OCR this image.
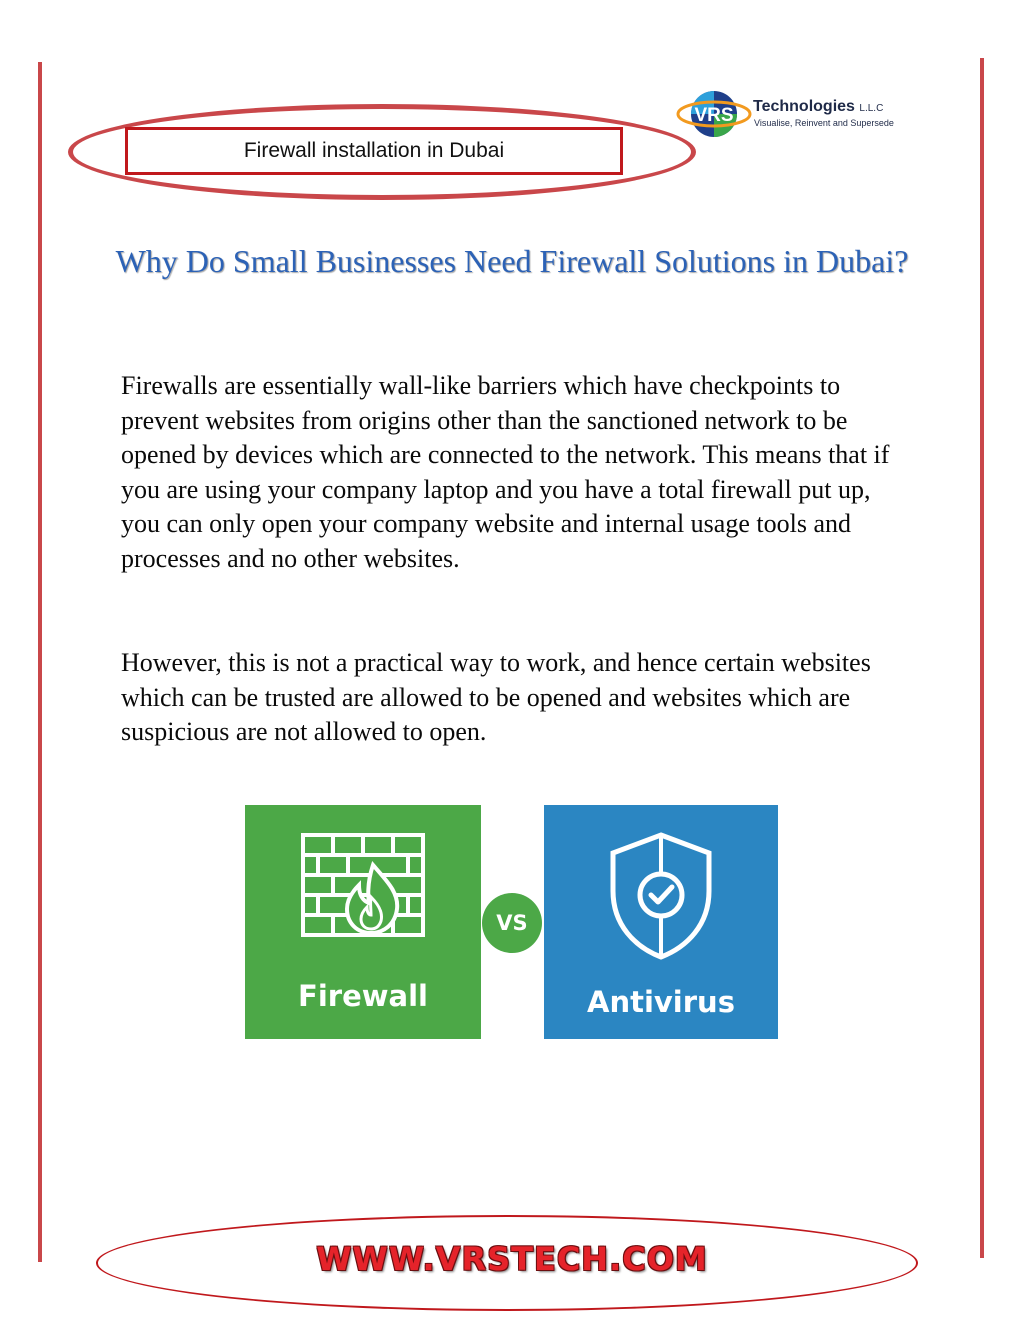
Firewall installation in Dubai
VRS Technologies L.L.C
Visualise, Reinvent and Supersede
Why Do Small Businesses Need Firewall Solutions in Dubai?

Firewalls are essentially wall-like barriers which have checkpoints to prevent websites from origins other than the sanctioned network to be opened by devices which are connected to the network. This means that if you are using your company laptop and you have a total firewall put up, you can only open your company website and internal usage tools and processes and no other websites.

However, this is not a practical way to work, and hence certain websites which can be trusted are allowed to be opened and websites which are suspicious are not allowed to open.

Firewall
VS
Antivirus
WWW.VRSTECH.COM
